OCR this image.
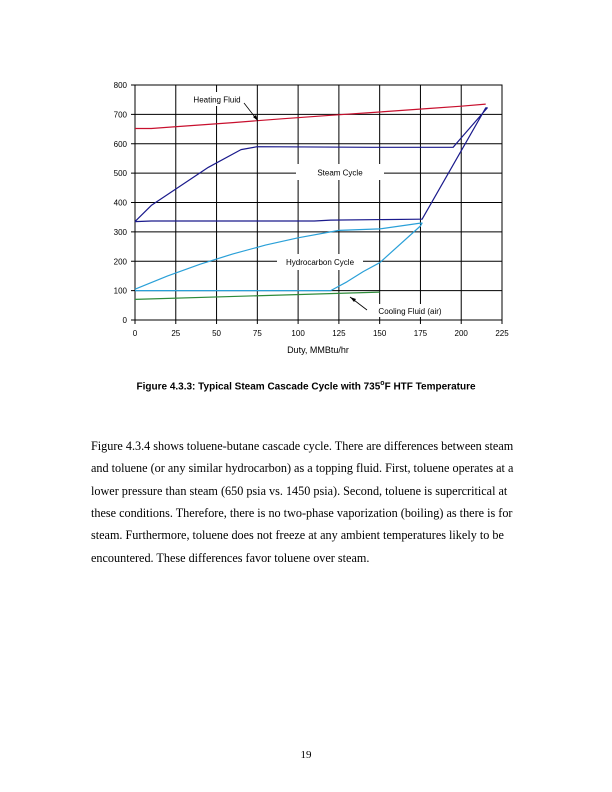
0
100
200
300
400
500
600
700
800
0	25	50	75	100	125	150	175	200	225
Heating Fluid
Steam Cycle
Hydrocarbon Cycle
Cooling Fluid (air)
Duty, MMBtu/hr
Figure 4.3.3: Typical Steam Cascade Cycle with 735$^o$F HTF Temperature

Figure 4.3.4 shows toluene-butane cascade cycle. There are differences between steam and toluene (or any similar hydrocarbon) as a topping fluid. First, toluene operates at a lower pressure than steam (650 psia vs. 1450 psia). Second, toluene is supercritical at these conditions. Therefore, there is no two-phase vaporization (boiling) as there is for steam. Furthermore, toluene does not freeze at any ambient temperatures likely to be encountered. These differences favor toluene over steam.

19
